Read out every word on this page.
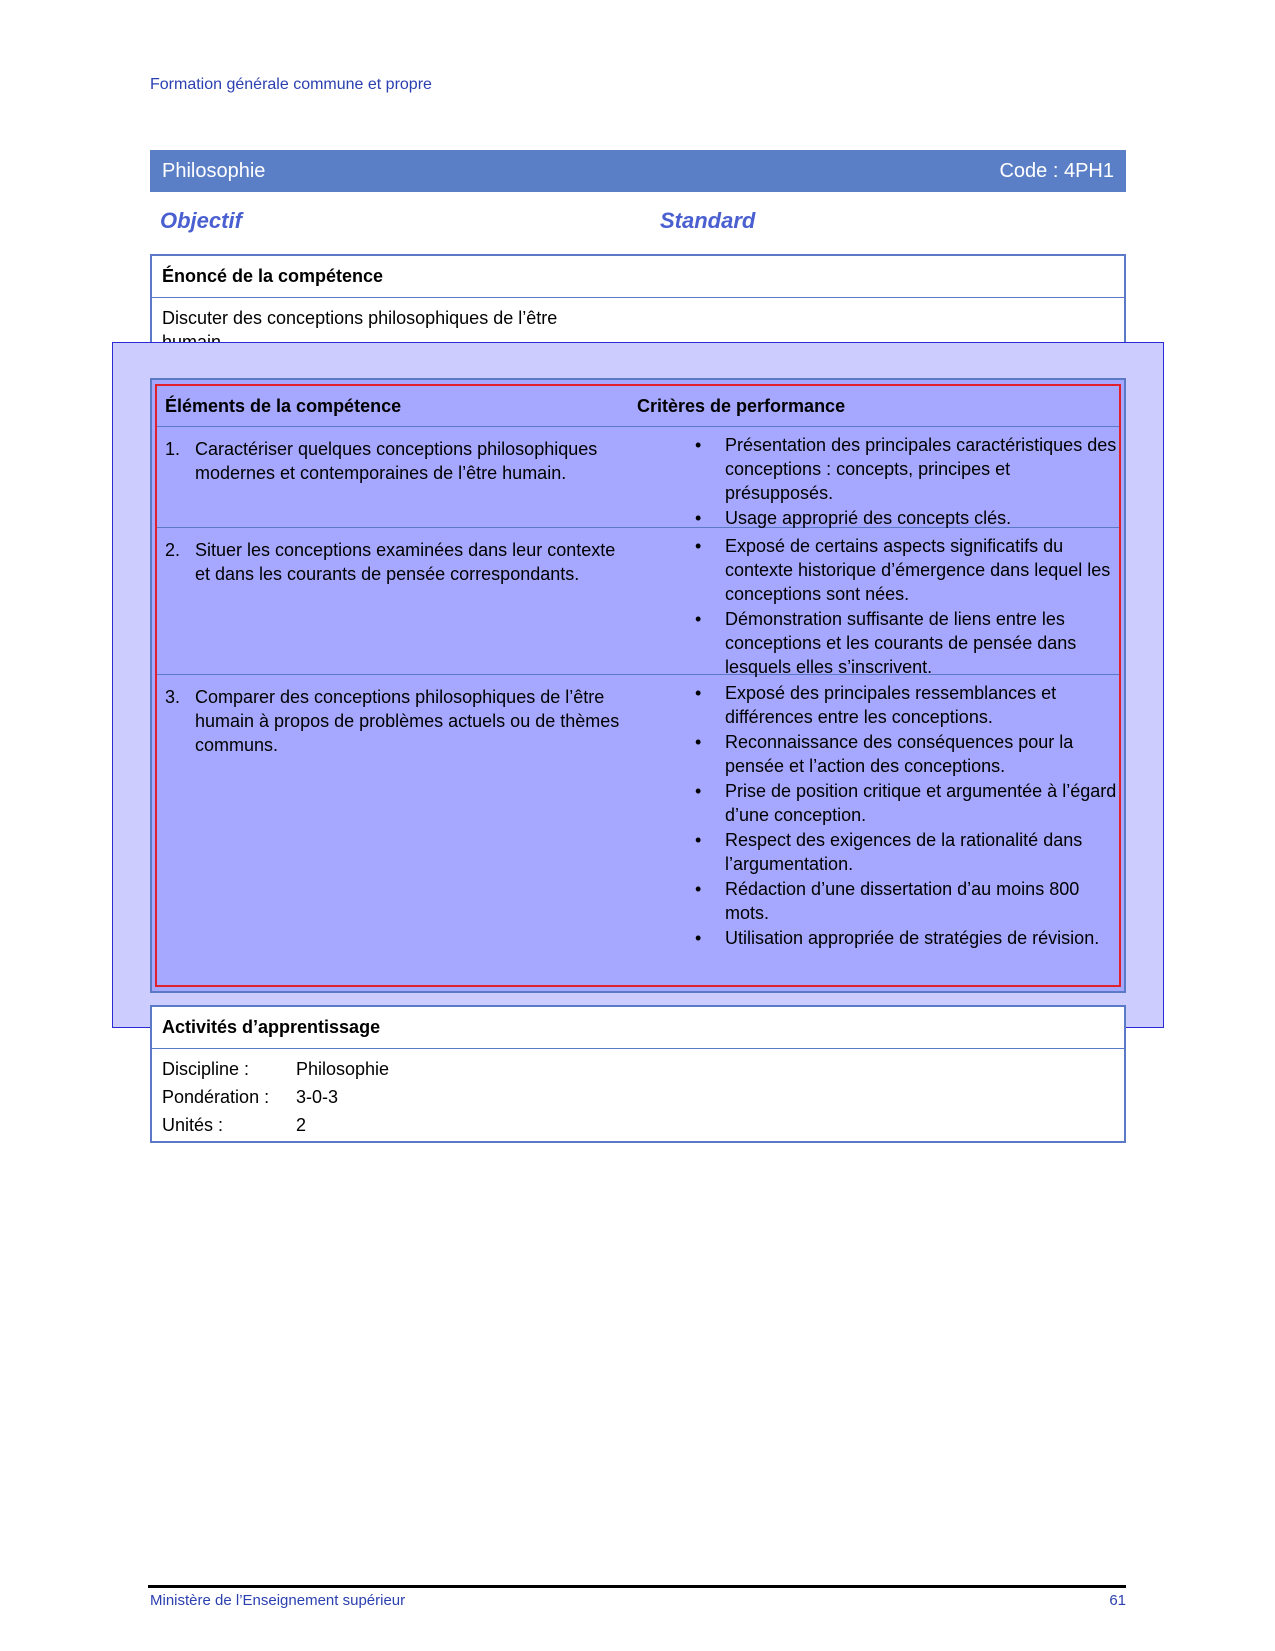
Formation générale commune et propre
Philosophie	Code : 4PH1
Objectif	Standard
Énoncé de la compétence
Discuter des conceptions philosophiques de l’être
Éléments de la compétence	Critères de performance
1. Caractériser quelques conceptions philosophiques modernes et contemporaines de l’être humain.
•	Présentation des principales caractéristiques des conceptions : concepts, principes et présupposés.
•	Usage approprié des concepts clés.
2. Situer les conceptions examinées dans leur contexte et dans les courants de pensée correspondants.
•	Exposé de certains aspects significatifs du contexte historique d’émergence dans lequel les conceptions sont nées.
•	Démonstration suffisante de liens entre les conceptions et les courants de pensée dans lesquels elles s’inscrivent.
3. Comparer des conceptions philosophiques de l’être humain à propos de problèmes actuels ou de thèmes communs.
•	Exposé des principales ressemblances et différences entre les conceptions.
•	Reconnaissance des conséquences pour la pensée et l’action des conceptions.
•	Prise de position critique et argumentée à l’égard d’une conception.
•	Respect des exigences de la rationalité dans l’argumentation.
•	Rédaction d’une dissertation d’au moins 800 mots.
•	Utilisation appropriée de stratégies de révision.
Activités d’apprentissage
Discipline :	Philosophie
Pondération :	3-0-3
Unités :	2
Ministère de l’Enseignement supérieur	61
